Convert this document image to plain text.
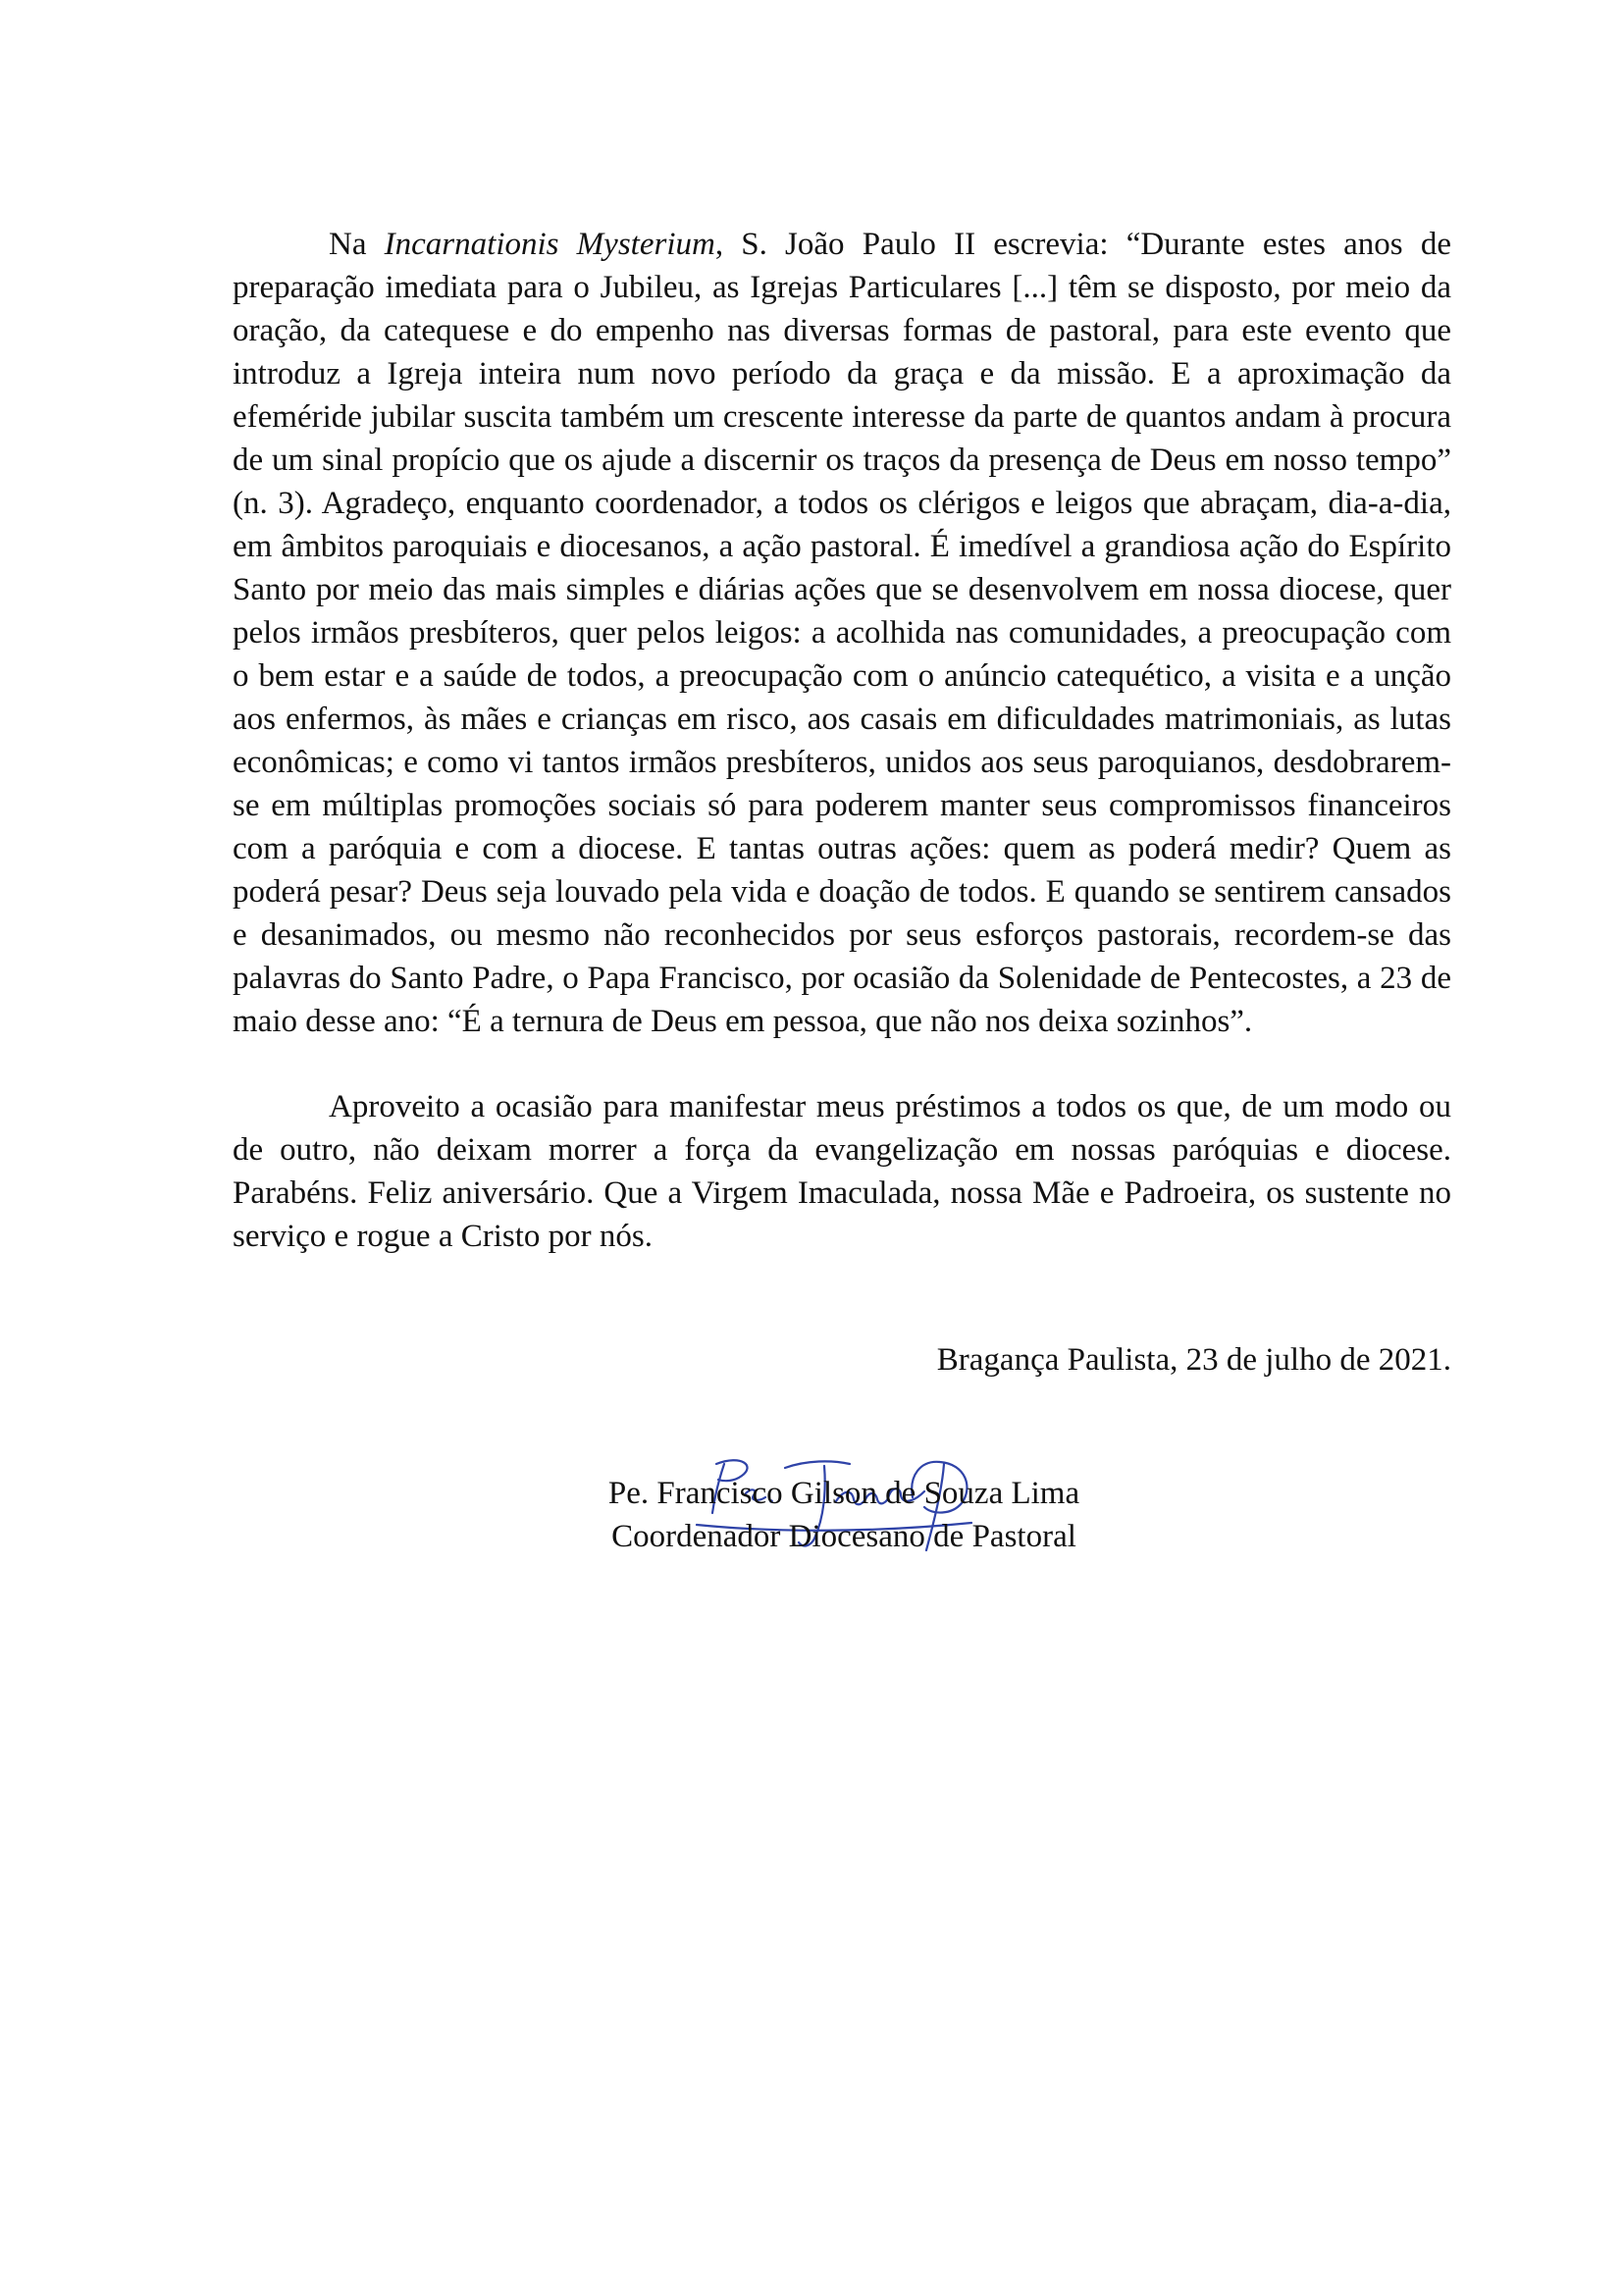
Na Incarnationis Mysterium, S. João Paulo II escrevia: “Durante estes anos de preparação imediata para o Jubileu, as Igrejas Particulares [...] têm se disposto, por meio da oração, da catequese e do empenho nas diversas formas de pastoral, para este evento que introduz a Igreja inteira num novo período da graça e da missão. E a aproximação da efeméride jubilar suscita também um crescente interesse da parte de quantos andam à procura de um sinal propício que os ajude a discernir os traços da presença de Deus em nosso tempo” (n. 3). Agradeço, enquanto coordenador, a todos os clérigos e leigos que abraçam, dia-a-dia, em âmbitos paroquiais e diocesanos, a ação pastoral. É imedível a grandiosa ação do Espírito Santo por meio das mais simples e diárias ações que se desenvolvem em nossa diocese, quer pelos irmãos presbíteros, quer pelos leigos: a acolhida nas comunidades, a preocupação com o bem estar e a saúde de todos, a preocupação com o anúncio catequético, a visita e a unção aos enfermos, às mães e crianças em risco, aos casais em dificuldades matrimoniais, as lutas econômicas; e como vi tantos irmãos presbíteros, unidos aos seus paroquianos, desdobrarem-se em múltiplas promoções sociais só para poderem manter seus compromissos financeiros com a paróquia e com a diocese. E tantas outras ações: quem as poderá medir? Quem as poderá pesar? Deus seja louvado pela vida e doação de todos. E quando se sentirem cansados e desanimados, ou mesmo não reconhecidos por seus esforços pastorais, recordem-se das palavras do Santo Padre, o Papa Francisco, por ocasião da Solenidade de Pentecostes, a 23 de maio desse ano: “É a ternura de Deus em pessoa, que não nos deixa sozinhos”.

Aproveito a ocasião para manifestar meus préstimos a todos os que, de um modo ou de outro, não deixam morrer a força da evangelização em nossas paróquias e diocese. Parabéns. Feliz aniversário. Que a Virgem Imaculada, nossa Mãe e Padroeira, os sustente no serviço e rogue a Cristo por nós.

Bragança Paulista, 23 de julho de 2021.
Pe. Francisco Gilson de Souza Lima
Coordenador Diocesano de Pastoral
